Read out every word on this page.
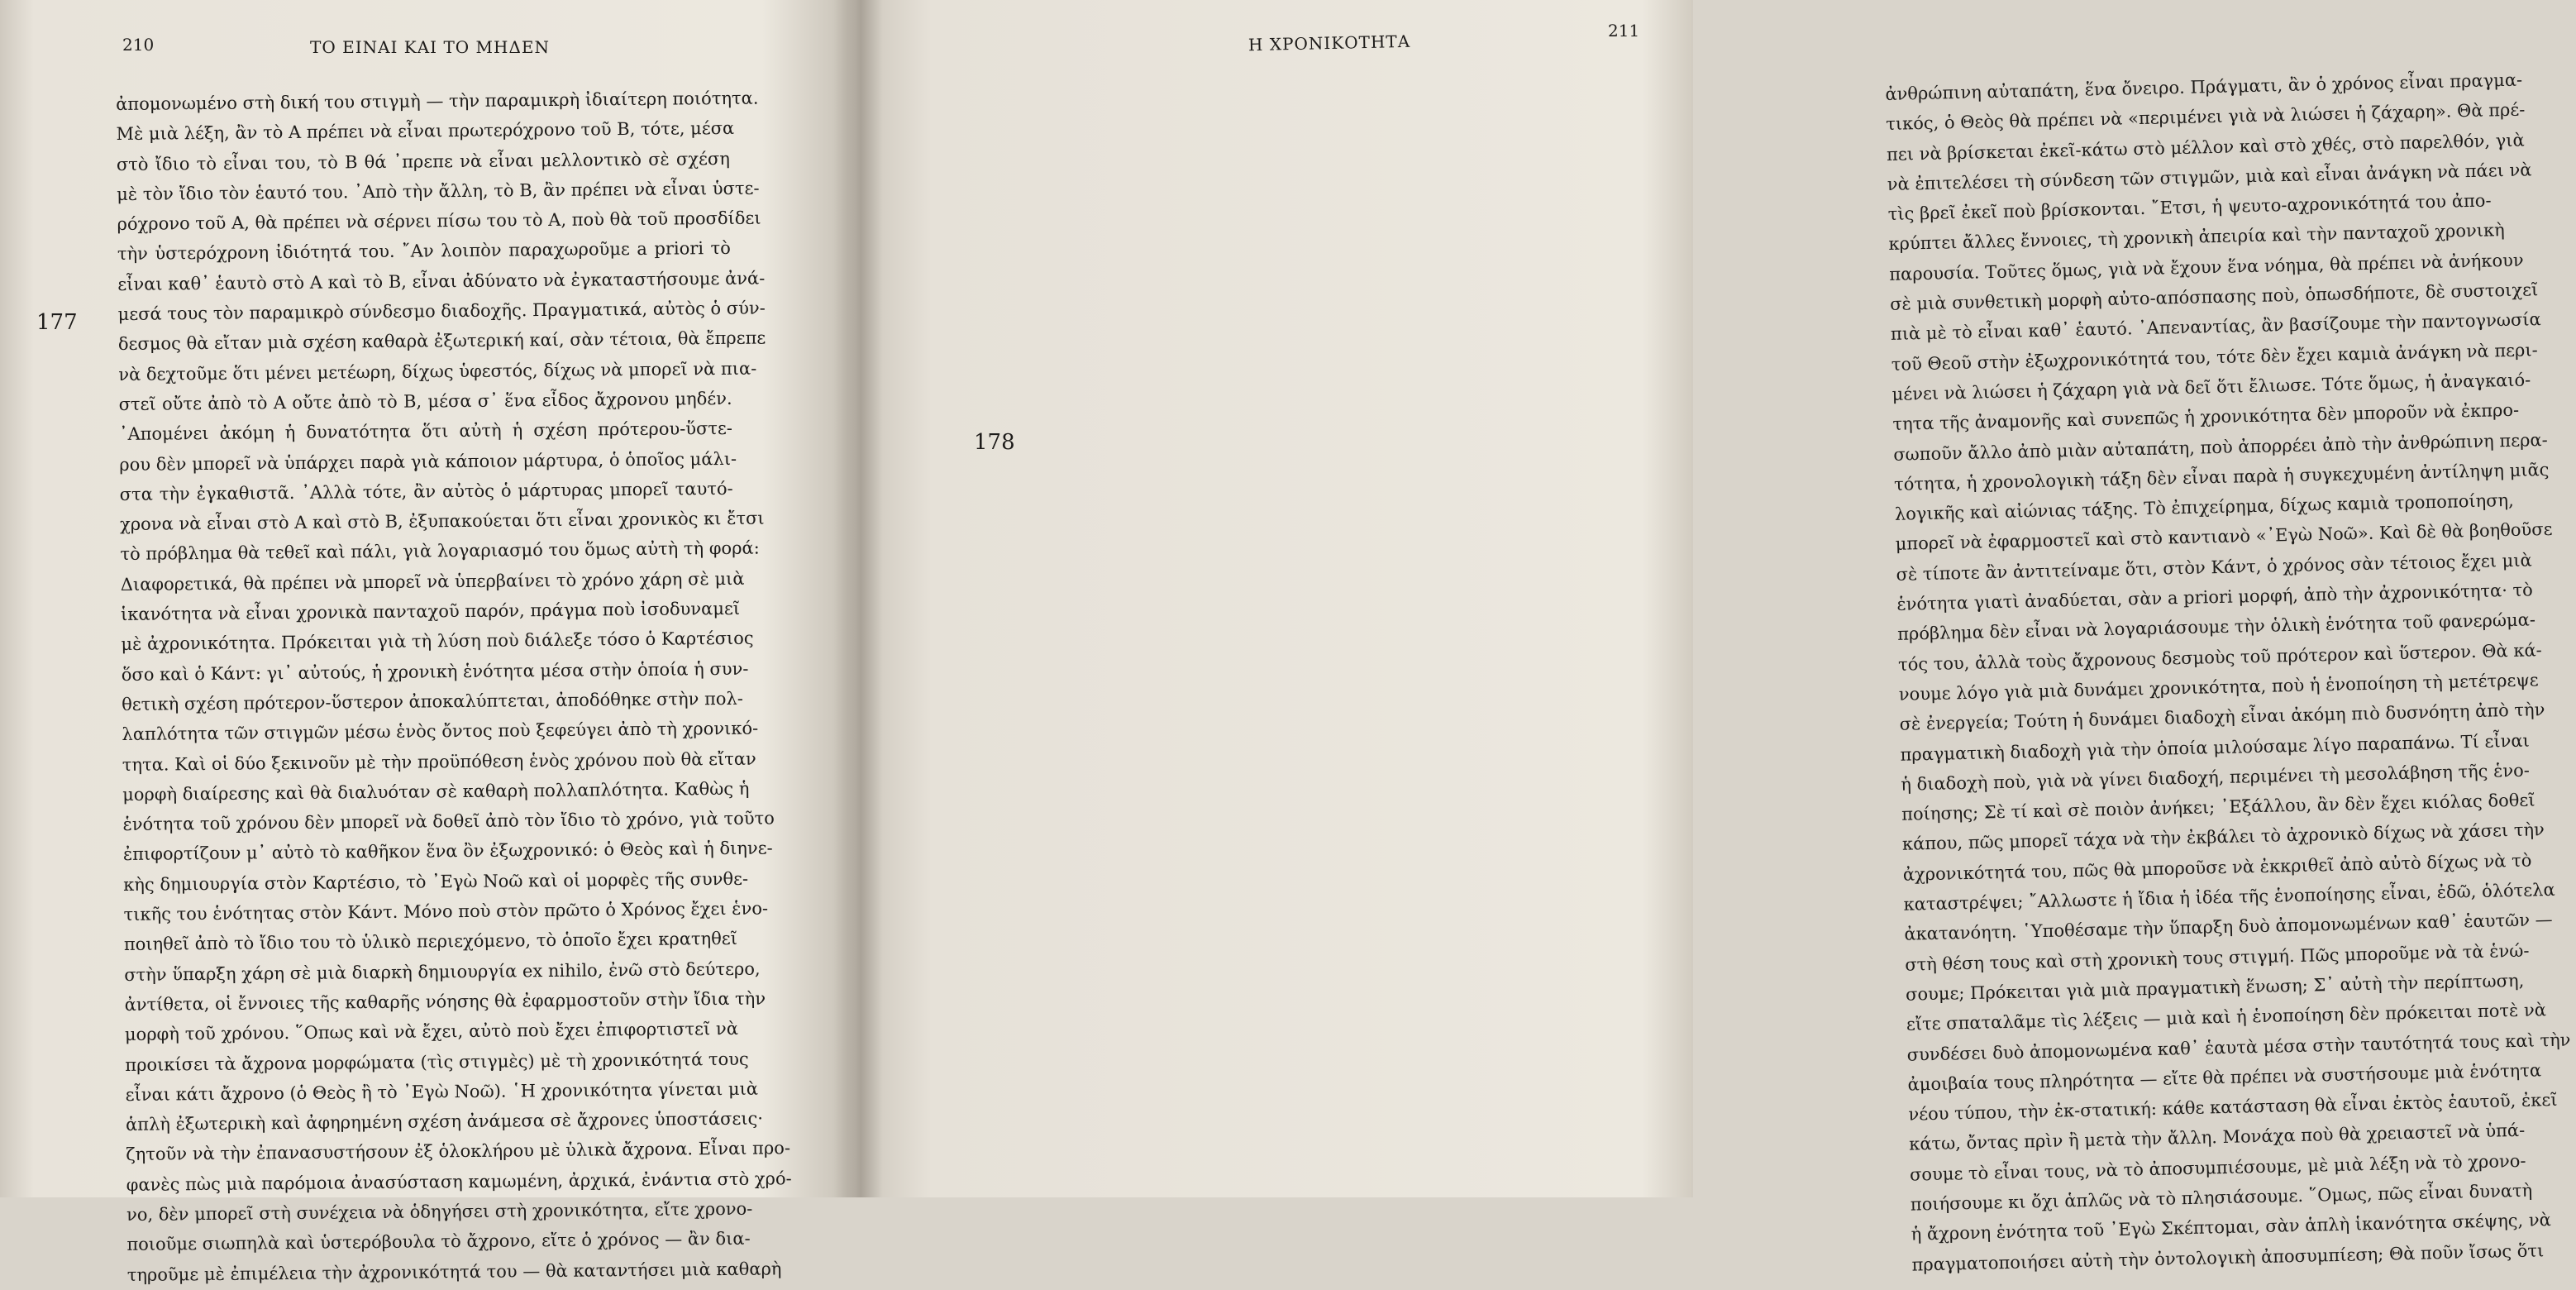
210	ΤΟ ΕΙΝΑΙ ΚΑΙ ΤΟ ΜΗΔΕΝ
177
ἀπομονωμένο στὴ δική του στιγμὴ — τὴν παραμικρὴ ἰδιαίτερη ποιότητα.
Μὲ μιὰ λέξη, ἂν τὸ Α πρέπει νὰ εἶναι πρωτερόχρονο τοῦ Β, τότε, μέσα
στὸ ἴδιο τὸ εἶναι του, τὸ Β θά ᾿πρεπε νὰ εἶναι μελλοντικὸ σὲ σχέση
μὲ τὸν ἴδιο τὸν ἑαυτό του. ᾿Απὸ τὴν ἄλλη, τὸ Β, ἂν πρέπει νὰ εἶναι ὑστε-
ρόχρονο τοῦ Α, θὰ πρέπει νὰ σέρνει πίσω του τὸ Α, ποὺ θὰ τοῦ προσδίδει
τὴν ὑστερόχρονη ἰδιότητά του. ῎Αν λοιπὸν παραχωροῦμε a priori τὸ
εἶναι καθ᾿ ἑαυτὸ στὸ Α καὶ τὸ Β, εἶναι ἀδύνατο νὰ ἐγκαταστήσουμε ἀνά-
μεσά τους τὸν παραμικρὸ σύνδεσμο διαδοχῆς. Πραγματικά, αὐτὸς ὁ σύν-
δεσμος θὰ εἴταν μιὰ σχέση καθαρὰ ἐξωτερική καί, σὰν τέτοια, θὰ ἔπρεπε
νὰ δεχτοῦμε ὅτι μένει μετέωρη, δίχως ὑφεστός, δίχως νὰ μπορεῖ νὰ πια-
στεῖ οὔτε ἀπὸ τὸ Α οὔτε ἀπὸ τὸ Β, μέσα σ᾿ ἕνα εἶδος ἄχρονου μηδέν.
᾿Απομένει ἀκόμη ἡ δυνατότητα ὅτι αὐτὴ ἡ σχέση πρότερου-ὕστε-
ρου δὲν μπορεῖ νὰ ὑπάρχει παρὰ γιὰ κάποιον μάρτυρα, ὁ ὁποῖος μάλι-
στα τὴν ἐγκαθιστᾶ. ᾿Αλλὰ τότε, ἂν αὐτὸς ὁ μάρτυρας μπορεῖ ταυτό-
χρονα νὰ εἶναι στὸ Α καὶ στὸ Β, ἐξυπακούεται ὅτι εἶναι χρονικὸς κι ἔτσι
τὸ πρόβλημα θὰ τεθεῖ καὶ πάλι, γιὰ λογαριασμό του ὅμως αὐτὴ τὴ φορά:
Διαφορετικά, θὰ πρέπει νὰ μπορεῖ νὰ ὑπερβαίνει τὸ χρόνο χάρη σὲ μιὰ
ἱκανότητα νὰ εἶναι χρονικὰ πανταχοῦ παρόν, πράγμα ποὺ ἰσοδυναμεῖ
μὲ ἀχρονικότητα. Πρόκειται γιὰ τὴ λύση ποὺ διάλεξε τόσο ὁ Καρτέσιος
ὅσο καὶ ὁ Κάντ: γι᾿ αὐτούς, ἡ χρονικὴ ἑνότητα μέσα στὴν ὁποία ἡ συν-
θετικὴ σχέση πρότερον-ὕστερον ἀποκαλύπτεται, ἀποδόθηκε στὴν πολ-
λαπλότητα τῶν στιγμῶν μέσω ἑνὸς ὄντος ποὺ ξεφεύγει ἀπὸ τὴ χρονικό-
τητα. Καὶ οἱ δύο ξεκινοῦν μὲ τὴν προϋπόθεση ἑνὸς χρόνου ποὺ θὰ εἴταν
μορφὴ διαίρεσης καὶ θὰ διαλυόταν σὲ καθαρὴ πολλαπλότητα. Καθὼς ἡ
ἑνότητα τοῦ χρόνου δὲν μπορεῖ νὰ δοθεῖ ἀπὸ τὸν ἴδιο τὸ χρόνο, γιὰ τοῦτο
ἐπιφορτίζουν μ᾿ αὐτὸ τὸ καθῆκον ἕνα ὂν ἐξωχρονικό: ὁ Θεὸς καὶ ἡ διηνε-
κὴς δημιουργία στὸν Καρτέσιο, τὸ ᾿Εγὼ Νοῶ καὶ οἱ μορφὲς τῆς συνθε-
τικῆς του ἑνότητας στὸν Κάντ. Μόνο ποὺ στὸν πρῶτο ὁ Χρόνος ἔχει ἑνο-
ποιηθεῖ ἀπὸ τὸ ἴδιο του τὸ ὑλικὸ περιεχόμενο, τὸ ὁποῖο ἔχει κρατηθεῖ
στὴν ὕπαρξη χάρη σὲ μιὰ διαρκὴ δημιουργία ex nihilo, ἐνῶ στὸ δεύτερο,
ἀντίθετα, οἱ ἔννοιες τῆς καθαρῆς νόησης θὰ ἐφαρμοστοῦν στὴν ἴδια τὴν
μορφὴ τοῦ χρόνου. ῞Οπως καὶ νὰ ἔχει, αὐτὸ ποὺ ἔχει ἐπιφορτιστεῖ νὰ
προικίσει τὰ ἄχρονα μορφώματα (τὶς στιγμὲς) μὲ τὴ χρονικότητά τους
εἶναι κάτι ἄχρονο (ὁ Θεὸς ἢ τὸ ᾿Εγὼ Νοῶ). ῾Η χρονικότητα γίνεται μιὰ
ἁπλὴ ἐξωτερικὴ καὶ ἀφηρημένη σχέση ἀνάμεσα σὲ ἄχρονες ὑποστάσεις·
ζητοῦν νὰ τὴν ἐπανασυστήσουν ἐξ ὁλοκλήρου μὲ ὑλικὰ ἄχρονα. Εἶναι προ-
φανὲς πὼς μιὰ παρόμοια ἀνασύσταση καμωμένη, ἀρχικά, ἐνάντια στὸ χρό-
νο, δὲν μπορεῖ στὴ συνέχεια νὰ ὁδηγήσει στὴ χρονικότητα, εἴτε χρονο-
ποιοῦμε σιωπηλὰ καὶ ὑστερόβουλα τὸ ἄχρονο, εἴτε ὁ χρόνος — ἂν δια-
τηροῦμε μὲ ἐπιμέλεια τὴν ἀχρονικότητά του — θὰ καταντήσει μιὰ καθαρὴ
Η ΧΡΟΝΙΚΟΤΗΤΑ
211
178
ἀνθρώπινη αὐταπάτη, ἕνα ὄνειρο. Πράγματι, ἂν ὁ χρόνος εἶναι πραγμα-
τικός, ὁ Θεὸς θὰ πρέπει νὰ «περιμένει γιὰ νὰ λιώσει ἡ ζάχαρη». Θὰ πρέ-
πει νὰ βρίσκεται ἐκεῖ-κάτω στὸ μέλλον καὶ στὸ χθές, στὸ παρελθόν, γιὰ
νὰ ἐπιτελέσει τὴ σύνδεση τῶν στιγμῶν, μιὰ καὶ εἶναι ἀνάγκη νὰ πάει νὰ
τὶς βρεῖ ἐκεῖ ποὺ βρίσκονται. ῎Ετσι, ἡ ψευτο-αχρονικότητά του ἀπο-
κρύπτει ἄλλες ἔννοιες, τὴ χρονικὴ ἀπειρία καὶ τὴν πανταχοῦ χρονικὴ
παρουσία. Τοῦτες ὅμως, γιὰ νὰ ἔχουν ἕνα νόημα, θὰ πρέπει νὰ ἀνήκουν
σὲ μιὰ συνθετικὴ μορφὴ αὐτο-απόσπασης ποὺ, ὁπωσδήποτε, δὲ συστοιχεῖ
πιὰ μὲ τὸ εἶναι καθ᾿ ἑαυτό. ᾿Απεναντίας, ἂν βασίζουμε τὴν παντογνωσία
τοῦ Θεοῦ στὴν ἐξωχρονικότητά του, τότε δὲν ἔχει καμιὰ ἀνάγκη νὰ περι-
μένει νὰ λιώσει ἡ ζάχαρη γιὰ νὰ δεῖ ὅτι ἔλιωσε. Τότε ὅμως, ἡ ἀναγκαιό-
τητα τῆς ἀναμονῆς καὶ συνεπῶς ἡ χρονικότητα δὲν μποροῦν νὰ ἐκπρο-
σωποῦν ἄλλο ἀπὸ μιὰν αὐταπάτη, ποὺ ἀπορρέει ἀπὸ τὴν ἀνθρώπινη περα-
τότητα, ἡ χρονολογικὴ τάξη δὲν εἶναι παρὰ ἡ συγκεχυμένη ἀντίληψη μιᾶς
λογικῆς καὶ αἰώνιας τάξης. Τὸ ἐπιχείρημα, δίχως καμιὰ τροποποίηση,
μπορεῖ νὰ ἐφαρμοστεῖ καὶ στὸ καντιανὸ «᾿Εγὼ Νοῶ». Καὶ δὲ θὰ βοηθοῦσε
σὲ τίποτε ἂν ἀντιτείναμε ὅτι, στὸν Κάντ, ὁ χρόνος σὰν τέτοιος ἔχει μιὰ
ἑνότητα γιατὶ ἀναδύεται, σὰν a priori μορφή, ἀπὸ τὴν ἀχρονικότητα· τὸ
πρόβλημα δὲν εἶναι νὰ λογαριάσουμε τὴν ὁλικὴ ἑνότητα τοῦ φανερώμα-
τός του, ἀλλὰ τοὺς ἄχρονους δεσμοὺς τοῦ πρότερον καὶ ὕστερον. Θὰ κά-
νουμε λόγο γιὰ μιὰ δυνάμει χρονικότητα, ποὺ ἡ ἑνοποίηση τὴ μετέτρεψε
σὲ ἐνεργεία; Τούτη ἡ δυνάμει διαδοχὴ εἶναι ἀκόμη πιὸ δυσνόητη ἀπὸ τὴν
πραγματικὴ διαδοχὴ γιὰ τὴν ὁποία μιλούσαμε λίγο παραπάνω. Τί εἶναι
ἡ διαδοχὴ ποὺ, γιὰ νὰ γίνει διαδοχή, περιμένει τὴ μεσολάβηση τῆς ἑνο-
ποίησης; Σὲ τί καὶ σὲ ποιὸν ἀνήκει; ᾿Εξάλλου, ἂν δὲν ἔχει κιόλας δοθεῖ
κάπου, πῶς μπορεῖ τάχα νὰ τὴν ἐκβάλει τὸ ἀχρονικὸ δίχως νὰ χάσει τὴν
ἀχρονικότητά του, πῶς θὰ μποροῦσε νὰ ἐκκριθεῖ ἀπὸ αὐτὸ δίχως νὰ τὸ
καταστρέψει; ῎Αλλωστε ἡ ἴδια ἡ ἰδέα τῆς ἑνοποίησης εἶναι, ἐδῶ, ὁλότελα
ἀκατανόητη. ῾Υποθέσαμε τὴν ὕπαρξη δυὸ ἀπομονωμένων καθ᾿ ἑαυτῶν —
στὴ θέση τους καὶ στὴ χρονικὴ τους στιγμή. Πῶς μποροῦμε νὰ τὰ ἑνώ-
σουμε; Πρόκειται γιὰ μιὰ πραγματικὴ ἕνωση; Σ᾿ αὐτὴ τὴν περίπτωση,
εἴτε σπαταλᾶμε τὶς λέξεις — μιὰ καὶ ἡ ἑνοποίηση δὲν πρόκειται ποτὲ νὰ
συνδέσει δυὸ ἀπομονωμένα καθ᾿ ἑαυτὰ μέσα στὴν ταυτότητά τους καὶ τὴν
ἀμοιβαία τους πληρότητα — εἴτε θὰ πρέπει νὰ συστήσουμε μιὰ ἑνότητα
νέου τύπου, τὴν ἐκ-στατική: κάθε κατάσταση θὰ εἶναι ἐκτὸς ἑαυτοῦ, ἐκεῖ
κάτω, ὄντας πρὶν ἢ μετὰ τὴν ἄλλη. Μονάχα ποὺ θὰ χρειαστεῖ νὰ ὑπά-
σουμε τὸ εἶναι τους, νὰ τὸ ἀποσυμπιέσουμε, μὲ μιὰ λέξη νὰ τὸ χρονο-
ποιήσουμε κι ὄχι ἁπλῶς νὰ τὸ πλησιάσουμε. ῞Ομως, πῶς εἶναι δυνατὴ
ἡ ἄχρονη ἑνότητα τοῦ ᾿Εγὼ Σκέπτομαι, σὰν ἁπλὴ ἱκανότητα σκέψης, νὰ
πραγματοποιήσει αὐτὴ τὴν ὀντολογικὴ ἀποσυμπίεση; Θὰ ποῦν ἴσως ὅτι
